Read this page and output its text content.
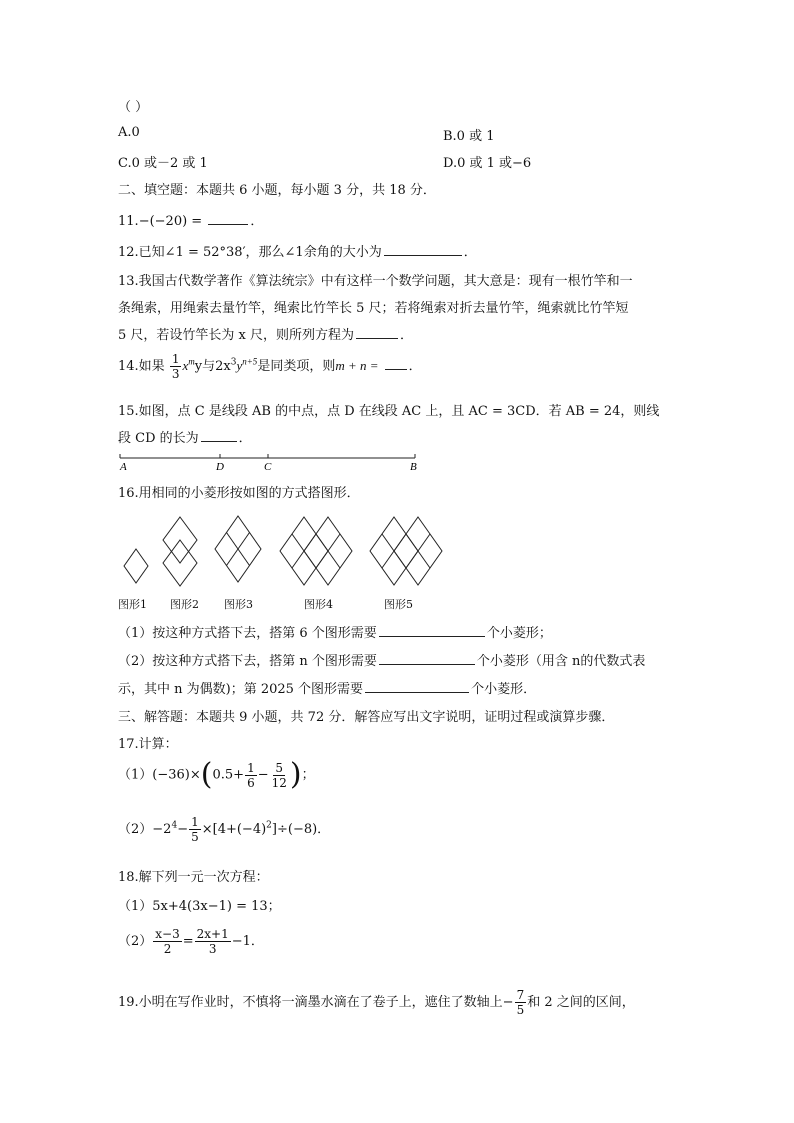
（ ）
A.0	B.0 或 1
C.0 或－2 或 1	D.0 或 1 或−6
二、填空题：本题共 6 小题，每小题 3 分，共 18 分．
11.−(−20) =	．
12.已知∠1 = 52°38′，那么∠1余角的大小为	．
13.我国古代数学著作《算法统宗》中有这样一个数学问题，其大意是：现有一根竹竿和一
条绳索，用绳索去量竹竿，绳索比竹竿长 5 尺；若将绳索对折去量竹竿，绳索就比竹竿短
5 尺，若设竹竿长为 x 尺，则所列方程为	．
14.如果 $\frac{1}{3} x^my$与$2x^3y^{n+5}$是同类项，则m + n = ．
15.如图，点 C 是线段 AB 的中点，点 D 在线段 AC 上，且 AC = 3CD．若 AB = 24，则线
段 CD 的长为	．
A	D	C	B
16.用相同的小菱形按如图的方式搭图形．
图形1 图形2 图形3	图形4	图形5
（1）按这种方式搭下去，搭第 6 个图形需要	个小菱形；
（2）按这种方式搭下去，搭第 n 个图形需要	个小菱形（用含 n的代数式表
示，其中 n 为偶数)；第 2025 个图形需要	个小菱形．
三、解答题：本题共 9 小题，共 72 分．解答应写出文字说明，证明过程或演算步骤．
17.计算：
$(1)(-36)\times(0.5+ \frac{1}{6} - \frac{5}{12}$ )；
$(2)-2^4- \frac{1}{5} \times[4+(-4)^2]\div(-8)$．
18.解下列一元一次方程：
（1）5x+4(3x−1) = 13；
$(2) \frac{x-3}{2} = \frac{2x+1}{3} -1$．
19.小明在写作业时，不慎将一滴墨水滴在了卷子上，遮住了数轴上− $\frac{7}{5}$ 和 2 之间的区间，
